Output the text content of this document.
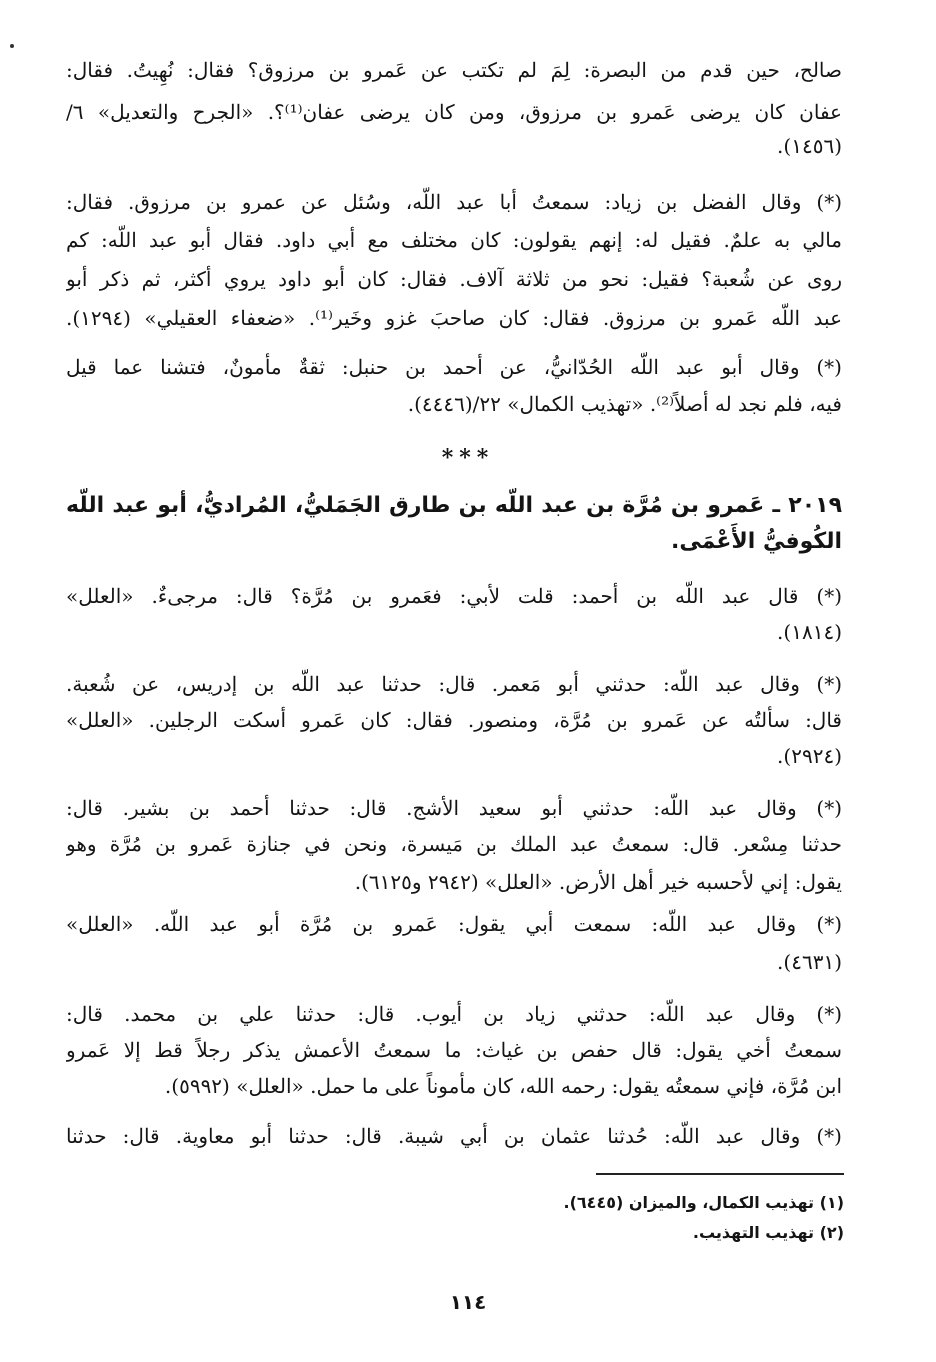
صالح، حين قدم من البصرة: لِمَ لم تكتب عن عَمرو بن مرزوق؟ فقال: نُهِيتُ. فقال:
عفان كان يرضى عَمرو بن مرزوق، ومن كان يرضى عفان⁽¹⁾؟. «الجرح والتعديل» ٦/
(١٤٥٦).
(*) وقال الفضل بن زياد: سمعتُ أبا عبد اللّه، وسُئل عن عمرو بن مرزوق. فقال:
مالي به علمٌ. فقيل له: إنهم يقولون: كان مختلف مع أبي داود. فقال أبو عبد اللّه: كم
روى عن شُعبة؟ فقيل: نحو من ثلاثة آلاف. فقال: كان أبو داود يروي أكثر، ثم ذكر أبو
عبد اللّه عَمرو بن مرزوق. فقال: كان صاحبَ غزو وخَير⁽¹⁾. «ضعفاء العقيلي» (١٢٩٤).
(*) وقال أبو عبد اللّه الحُدّانيُّ، عن أحمد بن حنبل: ثقةٌ مأمونٌ، فتشنا عما قيل
فيه، فلم نجد له أصلاً⁽²⁾. «تهذيب الكمال» ٢٢/(٤٤٤٦).
***
٢٠١٩ ـ عَمرو بن مُرَّة بن عبد اللّه بن طارق الجَمَليُّ، المُراديُّ، أبو عبد اللّه
الكُوفيُّ الأَعْمَى.
(*) قال عبد اللّه بن أحمد: قلت لأبي: فعَمرو بن مُرَّة؟ قال: مرجىءٌ. «العلل»
(١٨١٤).
(*) وقال عبد اللّه: حدثني أبو مَعمر. قال: حدثنا عبد اللّه بن إدريس، عن شُعبة.
قال: سألتُه عن عَمرو بن مُرَّة، ومنصور. فقال: كان عَمرو أسكت الرجلين. «العلل»
(٢٩٢٤).
(*) وقال عبد اللّه: حدثني أبو سعيد الأشج. قال: حدثنا أحمد بن بشير. قال:
حدثنا مِسْعر. قال: سمعتُ عبد الملك بن مَيسرة، ونحن في جنازة عَمرو بن مُرَّة وهو
يقول: إني لأحسبه خير أهل الأرض. «العلل» (٢٩٤٢ و٦١٢٥).
(*) وقال عبد اللّه: سمعت أبي يقول: عَمرو بن مُرَّة أبو عبد اللّه. «العلل»
(٤٦٣١).
(*) وقال عبد اللّه: حدثني زياد بن أيوب. قال: حدثنا علي بن محمد. قال:
سمعتُ أخي يقول: قال حفص بن غياث: ما سمعتُ الأعمش يذكر رجلاً قط إلا عَمرو
ابن مُرَّة، فإني سمعتُه يقول: رحمه الله، كان مأموناً على ما حمل. «العلل» (٥٩٩٢).
(*) وقال عبد اللّه: حُدثنا عثمان بن أبي شيبة. قال: حدثنا أبو معاوية. قال: حدثنا
(١) تهذيب الكمال، والميزان (٦٤٤٥).
(٢) تهذيب التهذيب.
١١٤
